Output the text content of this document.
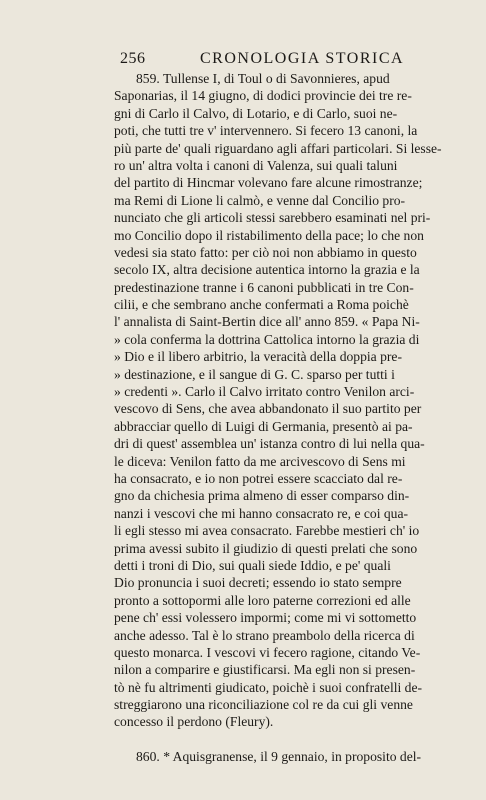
256	CRONOLOGIA STORICA
859. Tullense I, di Toul o di Savonnieres, apud
Saponarias, il 14 giugno, di dodici provincie dei tre re-
gni di Carlo il Calvo, di Lotario, e di Carlo, suoi ne-
poti, che tutti tre v' intervennero. Si fecero 13 canoni, la
più parte de' quali riguardano agli affari particolari. Si lesse-
ro un' altra volta i canoni di Valenza, sui quali taluni
del partito di Hincmar volevano fare alcune rimostranze;
ma Remi di Lione li calmò, e venne dal Concilio pro-
nunciato che gli articoli stessi sarebbero esaminati nel pri-
mo Concilio dopo il ristabilimento della pace; lo che non
vedesi sia stato fatto: per ciò noi non abbiamo in questo
secolo IX, altra decisione autentica intorno la grazia e la
predestinazione tranne i 6 canoni pubblicati in tre Con-
cilii, e che sembrano anche confermati a Roma poichè
l' annalista di Saint-Bertin dice all' anno 859. « Papa Ni-
» cola conferma la dottrina Cattolica intorno la grazia di
» Dio e il libero arbitrio, la veracità della doppia pre-
» destinazione, e il sangue di G. C. sparso per tutti i
» credenti ». Carlo il Calvo irritato contro Venilon arci-
vescovo di Sens, che avea abbandonato il suo partito per
abbracciar quello di Luigi di Germania, presentò ai pa-
dri di quest' assemblea un' istanza contro di lui nella qua-
le diceva: Venilon fatto da me arcivescovo di Sens mi
ha consacrato, e io non potrei essere scacciato dal re-
gno da chichesia prima almeno di esser comparso din-
nanzi i vescovi che mi hanno consacrato re, e coi qua-
li egli stesso mi avea consacrato. Farebbe mestieri ch' io
prima avessi subito il giudizio di questi prelati che sono
detti i troni di Dio, sui quali siede Iddio, e pe' quali
Dio pronuncia i suoi decreti; essendo io stato sempre
pronto a sottopormi alle loro paterne correzioni ed alle
pene ch' essi volessero impormi; come mi vi sottometto
anche adesso. Tal è lo strano preambolo della ricerca di
questo monarca. I vescovi vi fecero ragione, citando Ve-
nilon a comparire e giustificarsi. Ma egli non si presen-
tò nè fu altrimenti giudicato, poichè i suoi confratelli de-
streggiarono una riconciliazione col re da cui gli venne
concesso il perdono (Fleury).
860. * Aquisgranense, il 9 gennaio, in proposito del-
